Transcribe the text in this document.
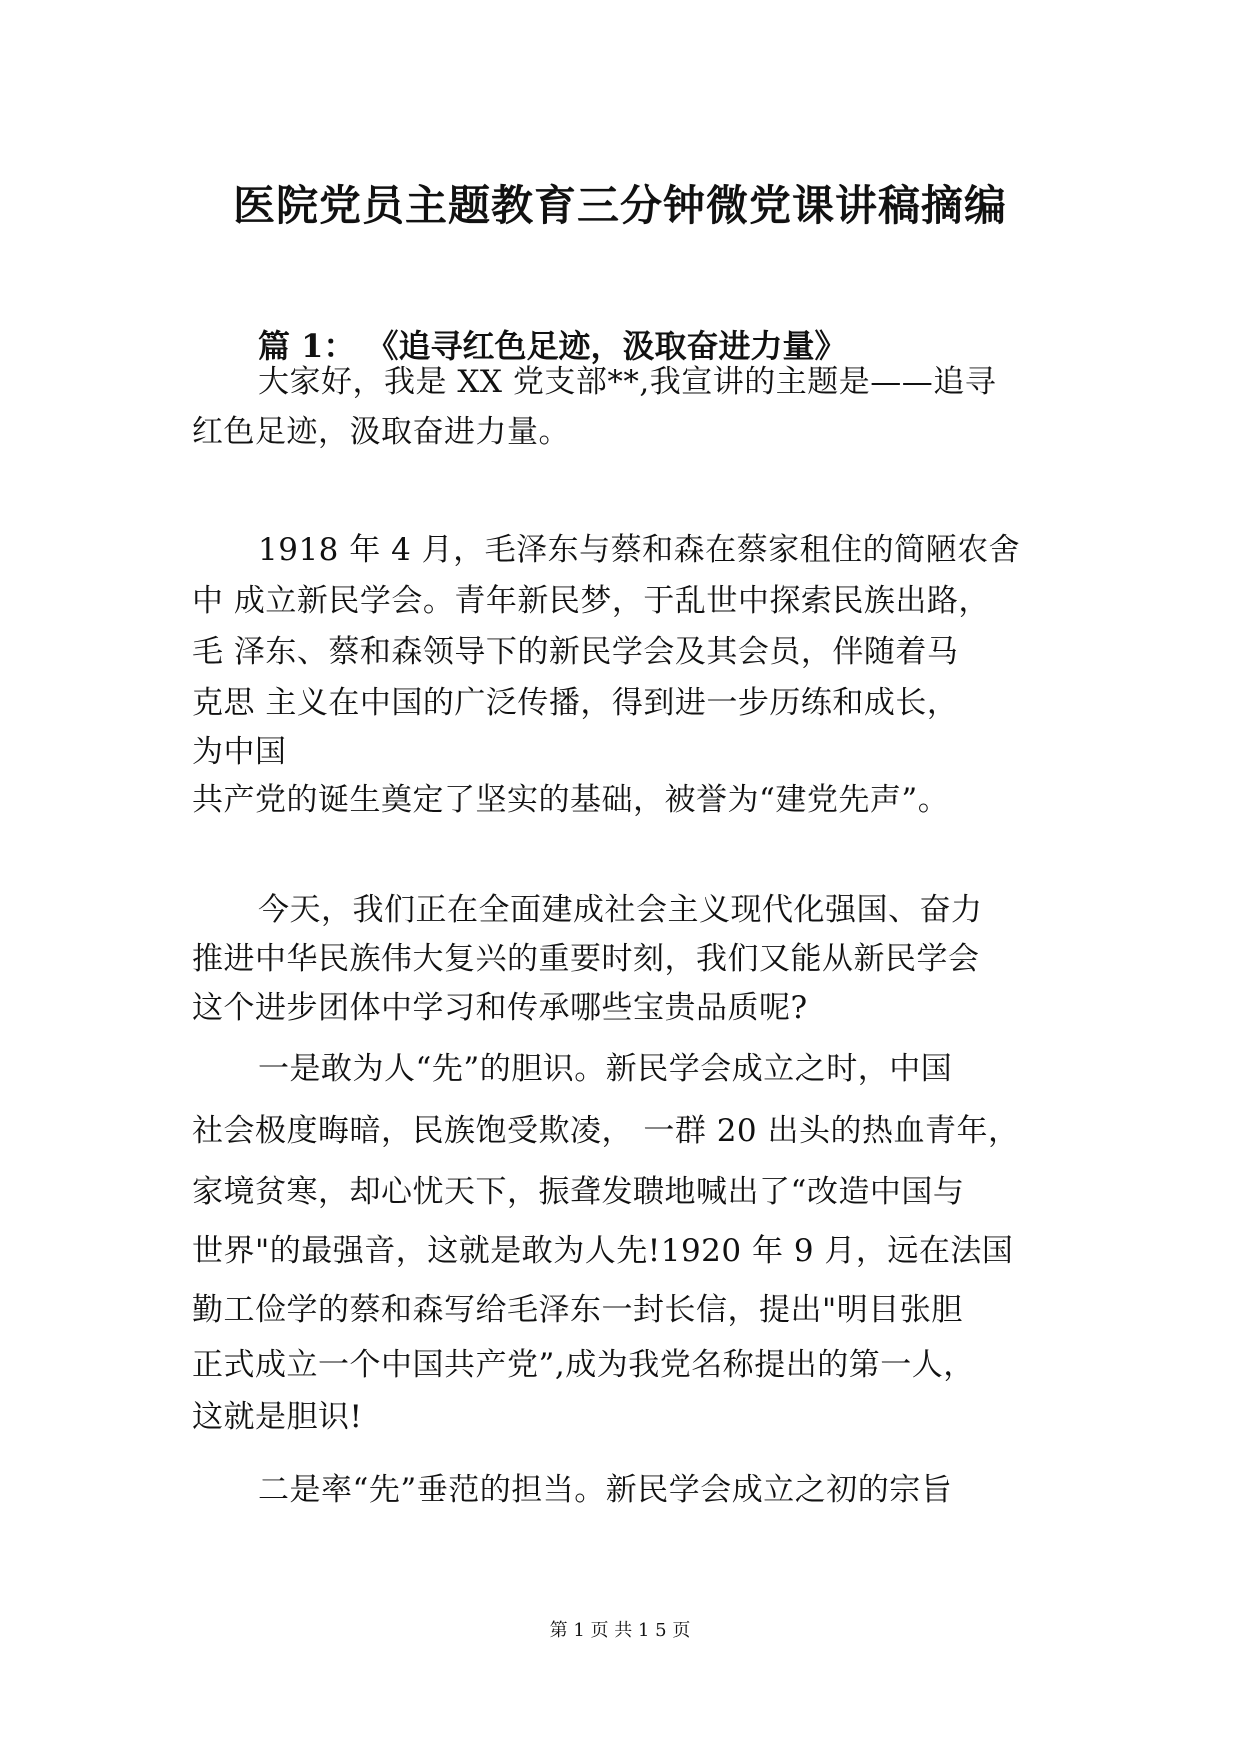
医院党员主题教育三分钟微党课讲稿摘编
篇 1： 《追寻红色足迹，汲取奋进力量》
大家好，我是 XX 党支部**,我宣讲的主题是——追寻
红色足迹，汲取奋进力量。
1918 年 4 月，毛泽东与蔡和森在蔡家租住的简陋农舍
中 成立新民学会。青年新民梦，于乱世中探索民族出路，
毛 泽东、蔡和森领导下的新民学会及其会员，伴随着马
克思 主义在中国的广泛传播，得到进一步历练和成长，
为中国
共产党的诞生奠定了坚实的基础，被誉为“建党先声”。
今天，我们正在全面建成社会主义现代化强国、奋力
推进中华民族伟大复兴的重要时刻，我们又能从新民学会
这个进步团体中学习和传承哪些宝贵品质呢?
一是敢为人“先”的胆识。新民学会成立之时，中国
社会极度晦暗，民族饱受欺凌， 一群 20 出头的热血青年，
家境贫寒，却心忧天下，振聋发聩地喊出了“改造中国与
世界"的最强音，这就是敢为人先!1920 年 9 月，远在法国
勤工俭学的蔡和森写给毛泽东一封长信，提出"明目张胆
正式成立一个中国共产党”,成为我党名称提出的第一人，
这就是胆识!
二是率“先”垂范的担当。新民学会成立之初的宗旨
第 1 页 共 1 5 页
